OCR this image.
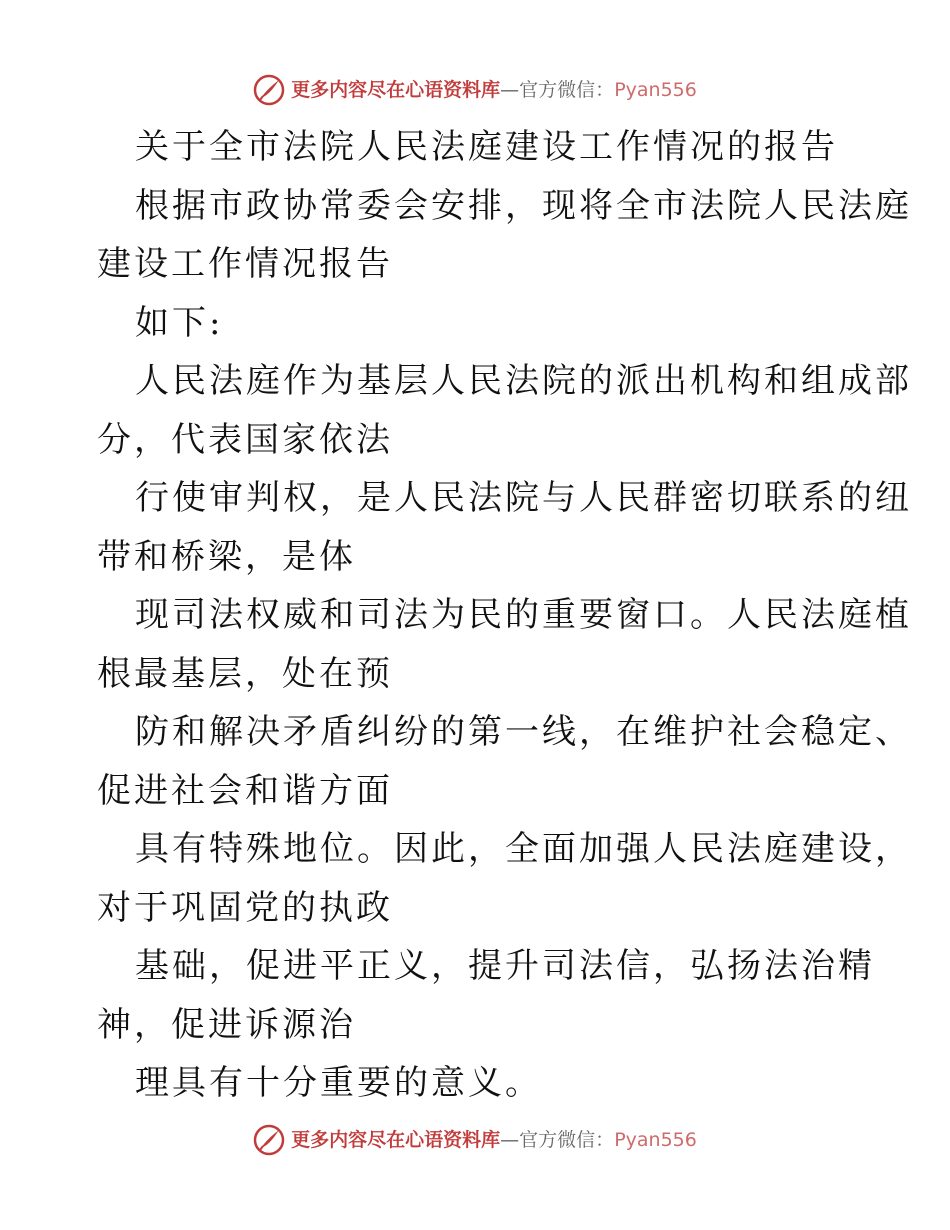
更多内容尽在心语资料库 — 官方微信： Pyan556
关于全市法院人民法庭建设工作情况的报告
根据市政协常委会安排，现将全市法院人民法庭
建设工作情况报告
如下:
人民法庭作为基层人民法院的派出机构和组成部
分，代表国家依法
行使审判权，是人民法院与人民群密切联系的纽
带和桥梁，是体
现司法权威和司法为民的重要窗口。人民法庭植
根最基层，处在预
防和解决矛盾纠纷的第一线，在维护社会稳定、
促进社会和谐方面
具有特殊地位。因此，全面加强人民法庭建设，
对于巩固党的执政
基础，促进平正义，提升司法信，弘扬法治精
神，促进诉源治
理具有十分重要的意义。
更多内容尽在心语资料库 — 官方微信： Pyan556
